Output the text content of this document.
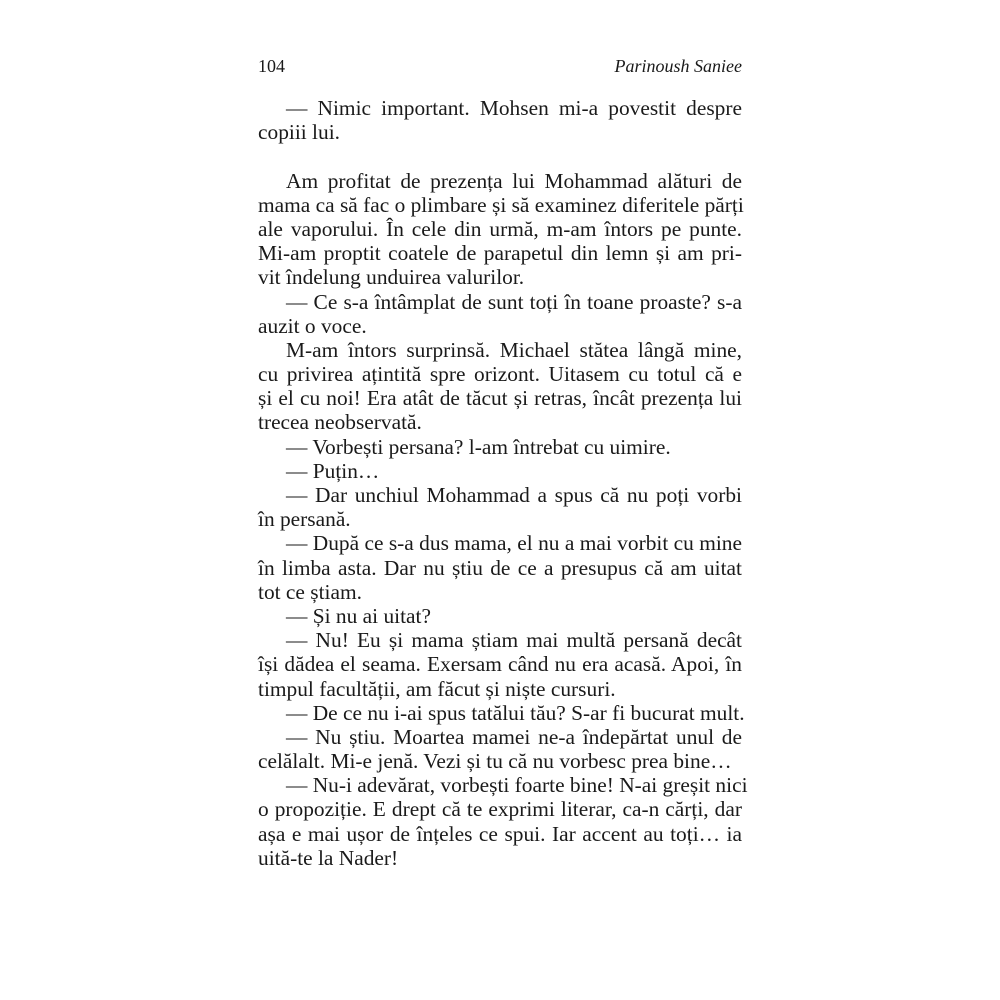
104	Parinoush Saniee
— Nimic important. Mohsen mi-a povestit despre
copiii lui.
Am profitat de prezența lui Mohammad alături de
mama ca să fac o plimbare și să examinez diferitele părți
ale vaporului. În cele din urmă, m-am întors pe punte.
Mi-am proptit coatele de parapetul din lemn și am pri-
vit îndelung unduirea valurilor.
— Ce s-a întâmplat de sunt toți în toane proaste? s-a
auzit o voce.
M-am întors surprinsă. Michael stătea lângă mine,
cu privirea ațintită spre orizont. Uitasem cu totul că e
și el cu noi! Era atât de tăcut și retras, încât prezența lui
trecea neobservată.
— Vorbești persana? l-am întrebat cu uimire.
— Puțin…
— Dar unchiul Mohammad a spus că nu poți vorbi
în persană.
— După ce s-a dus mama, el nu a mai vorbit cu mine
în limba asta. Dar nu știu de ce a presupus că am uitat
tot ce știam.
— Și nu ai uitat?
— Nu! Eu și mama știam mai multă persană decât
își dădea el seama. Exersam când nu era acasă. Apoi, în
timpul facultății, am făcut și niște cursuri.
— De ce nu i-ai spus tatălui tău? S-ar fi bucurat mult.
— Nu știu. Moartea mamei ne-a îndepărtat unul de
celălalt. Mi-e jenă. Vezi și tu că nu vorbesc prea bine…
— Nu-i adevărat, vorbești foarte bine! N-ai greșit nici
o propoziție. E drept că te exprimi literar, ca-n cărți, dar
așa e mai ușor de înțeles ce spui. Iar accent au toți… ia
uită-te la Nader!
